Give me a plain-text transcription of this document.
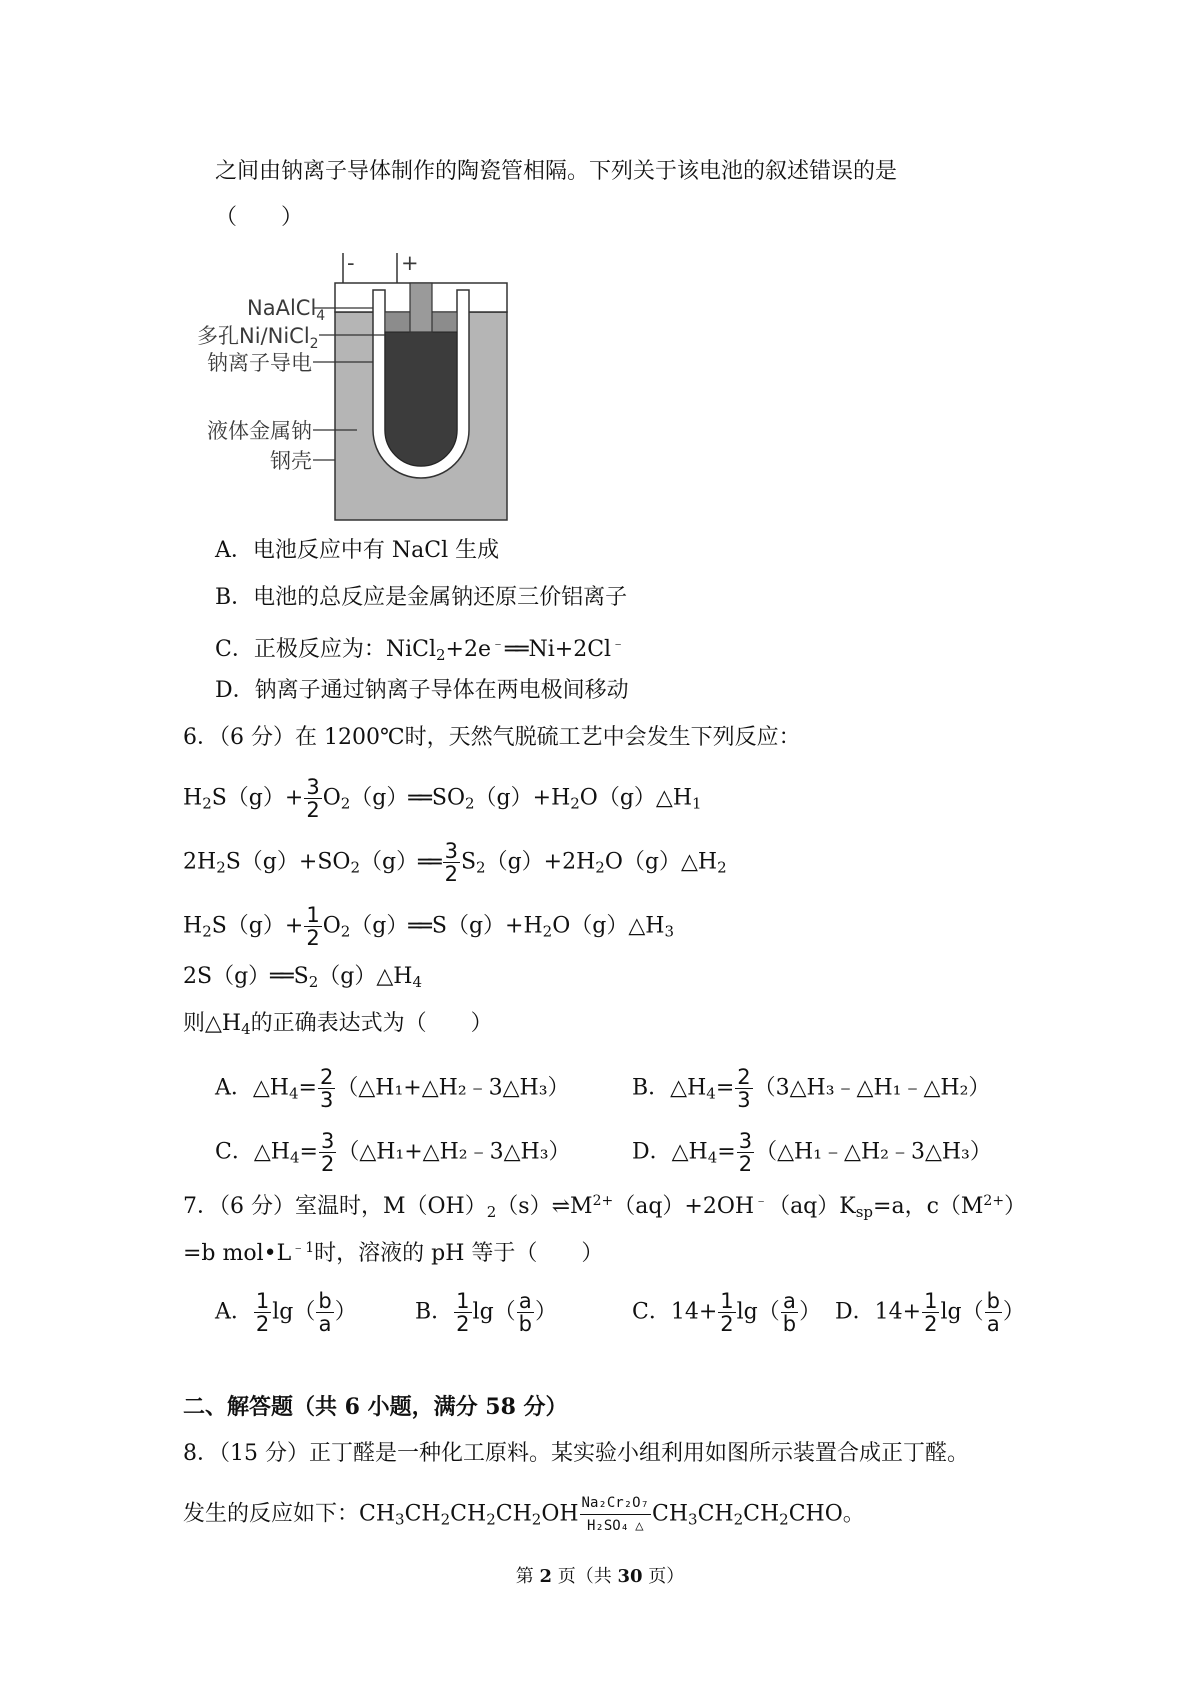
之间由钠离子导体制作的陶瓷管相隔。下列关于该电池的叙述错误的是
（　　）
- +
NaAlCl$_4$
多孔Ni/NiCl$_2$
钠离子导电
液体金属钠
钢壳
A．电池反应中有 NaCl 生成
B．电池的总反应是金属钠还原三价铝离子
C．正极反应为：NiCl$_2$+2e﹣══ Ni+2Cl﹣
D．钠离子通过钠离子导体在两电极间移动
6．（6 分）在 1200℃时，天然气脱硫工艺中会发生下列反应：
$H_2S(g)+ \frac{3}{2}$ $O_2(g)══$ $SO_2(g)+H_2O(g)\triangle H_1$
$2H_2S(g)+SO_2(g)══ \frac{3}{2}$ $S_2(g)+2H_2O(g)\triangle H_2$
$H_2S(g)+ \frac{1}{2}$ $O_2(g)══$ $S(g)+H_2O(g)\triangle H_3$
2S（g）══ $S_2(g)\triangle H_4$
则$\triangle H_4$的正确表达式为（　　）
A．$\triangle H_4= \frac{2}{3}$ （△H₁+△H₂﹣3△H₃）	B．$\triangle H_4= \frac{2}{3}$ （3△H₃﹣△H₁﹣△H₂）
C．$\triangle H_4= \frac{3}{2}$ （△H₁+△H₂﹣3△H₃）	D．$\triangle H_4= \frac{3}{2}$ （△H₁﹣△H₂﹣3△H₃）
7．（6 分）室温时，$M(OH)_2(s)\rightleftharpoons M^{2+}(aq)+2OH^﹣(aq)K_{sp}=a$，$c(M^{2+})$
=b $mol•L^{﹣1}$时，溶液的 pH 等于（　　）
A． $\frac{1}{2} \lg( \frac{b}{a}$ ）	B． $\frac{1}{2} \lg( \frac{a}{b}$ ）	C．$14+ \frac{1}{2} \lg( \frac{a}{b}$ ） D．$14+ \frac{1}{2} \lg( \frac{b}{a}$ ）
二、解答题（共 6 小题，满分 58 分）
8．（15 分）正丁醛是一种化工原料。某实验小组利用如图所示装置合成正丁醛。
发生的反应如下：$CH_3CH_2CH_2CH_2OH \frac{\text{Na₂Cr₂O₇}}{\text{H₂SO₄ △}} CH_3CH_2CH_2CHO$。
第 2 页（共 30 页）
